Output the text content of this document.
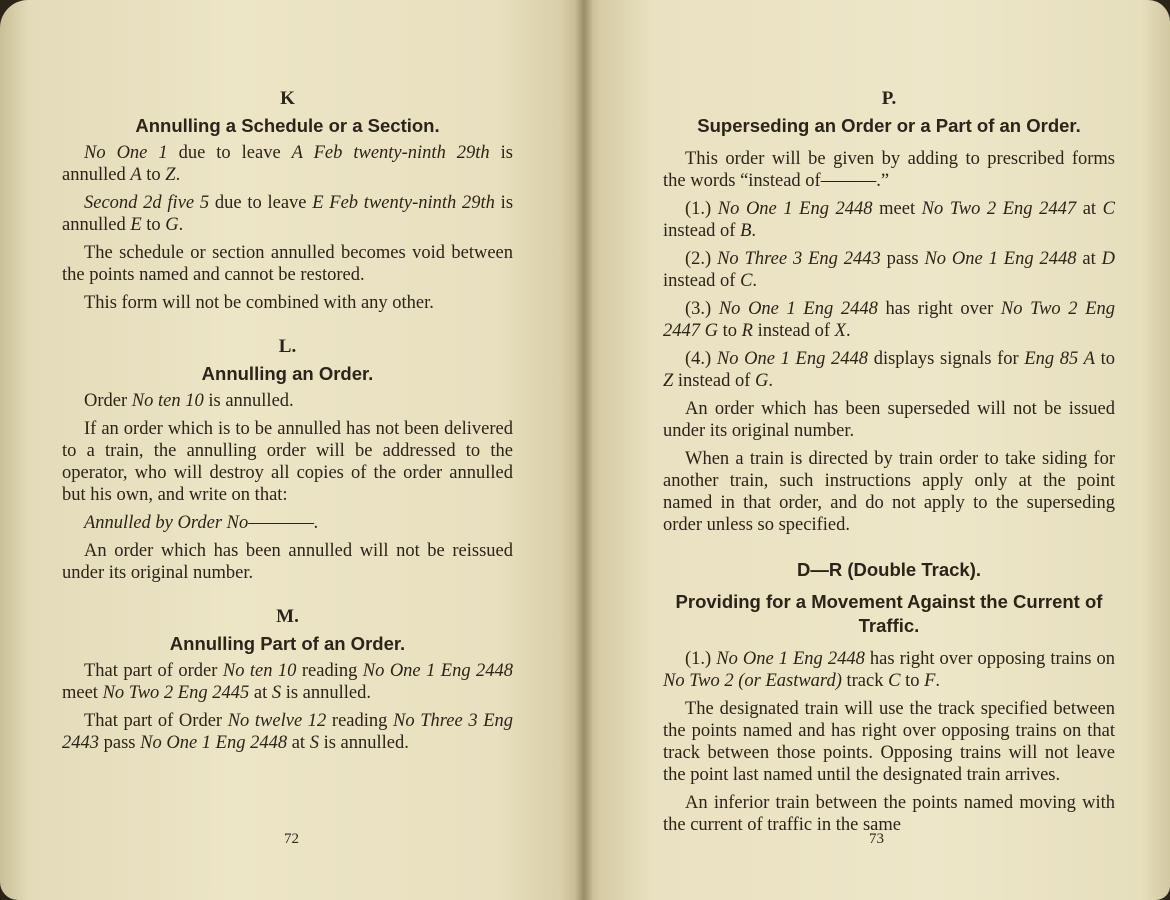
K
Annulling a Schedule or a Section.

No One 1 due to leave A Feb twenty-ninth 29th is annulled A to Z.

Second 2d five 5 due to leave E Feb twenty-ninth 29th is annulled E to G.

The schedule or section annulled becomes void between the points named and cannot be restored.

This form will not be combined with any other.

L.
Annulling an Order.

Order No ten 10 is annulled.

If an order which is to be annulled has not been delivered to a train, the annulling order will be addressed to the operator, who will destroy all copies of the order annulled but his own, and write on that:

Annulled by Order No————.

An order which has been annulled will not be reissued under its original number.

M.
Annulling Part of an Order.

That part of order No ten 10 reading No One 1 Eng 2448 meet No Two 2 Eng 2445 at S is annulled.

That part of Order No twelve 12 reading No Three 3 Eng 2443 pass No One 1 Eng 2448 at S is annulled.

72
P.
Superseding an Order or a Part of an Order.

This order will be given by adding to prescribed forms the words “instead of———.”

(1.) No One 1 Eng 2448 meet No Two 2 Eng 2447 at C instead of B.

(2.) No Three 3 Eng 2443 pass No One 1 Eng 2448 at D instead of C.

(3.) No One 1 Eng 2448 has right over No Two 2 Eng 2447 G to R instead of X.

(4.) No One 1 Eng 2448 displays signals for Eng 85 A to Z instead of G.

An order which has been superseded will not be issued under its original number.

When a train is directed by train order to take siding for another train, such instructions apply only at the point named in that order, and do not apply to the superseding order unless so specified.

D—R (Double Track).
Providing for a Movement Against the Current of Traffic.

(1.) No One 1 Eng 2448 has right over opposing trains on No Two 2 (or Eastward) track C to F.

The designated train will use the track specified between the points named and has right over opposing trains on that track between those points. Opposing trains will not leave the point last named until the designated train arrives.

An inferior train between the points named moving with the current of traffic in the same

73
